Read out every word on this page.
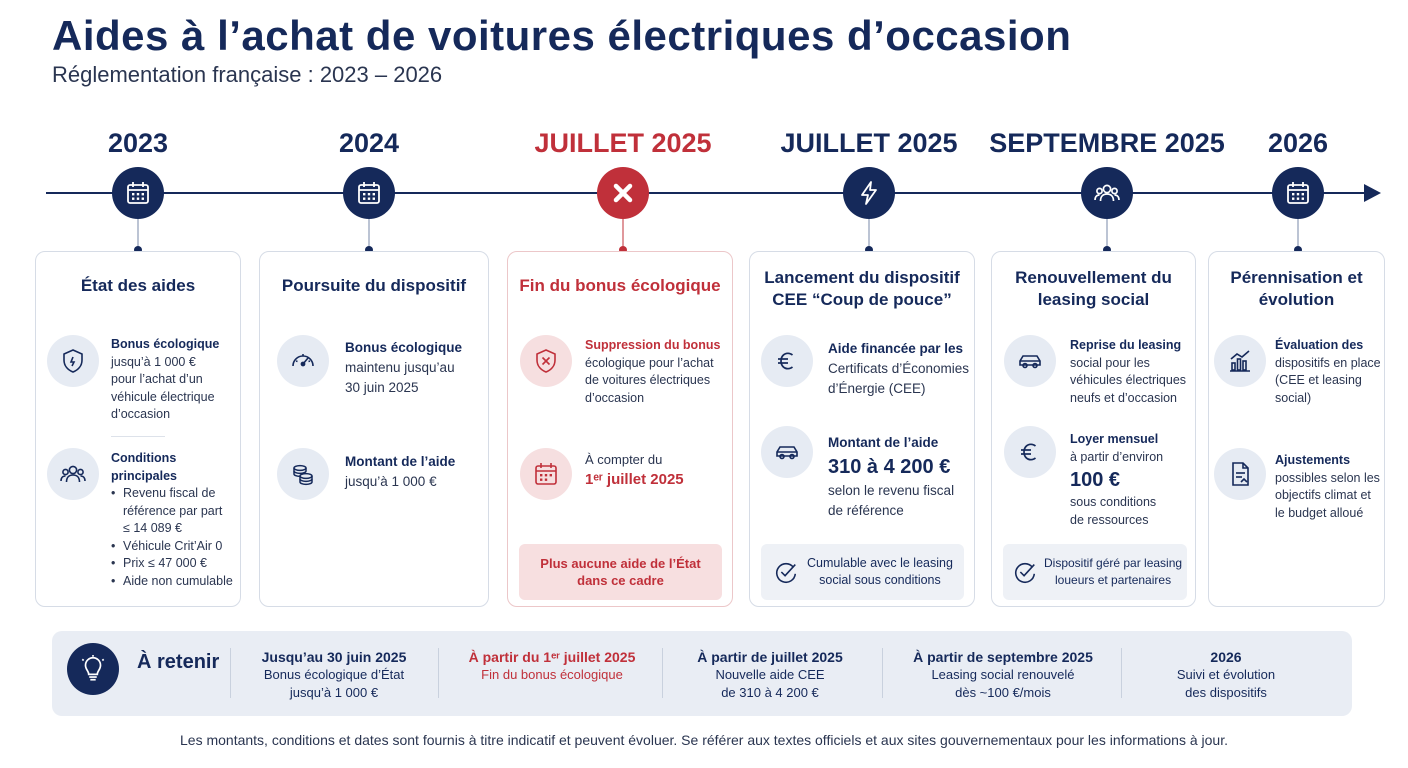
Aides à l’achat de voitures électriques d’occasion
Réglementation française : 2023 – 2026
2023	2024	JUILLET 2025	JUILLET 2025 SEPTEMBRE 2025 2026
État des aides
Bonus écologique
jusqu’à 1 000 €
pour l’achat d’un
véhicule électrique
d’occasion
Conditions principales
• Revenu fiscal de
référence par part
≤ 14 089 €
• Véhicule Crit’Air 0
• Prix ≤ 47 000 €
• Aide non cumulable
Poursuite du dispositif
Bonus écologique
maintenu jusqu’au
30 juin 2025
Montant de l’aide
jusqu’à 1 000 €
Fin du bonus écologique
Suppression du bonus
écologique pour l’achat
de voitures électriques
d’occasion
À compter du
1ᵉʳ juillet 2025
Plus aucune aide de l’État
dans ce cadre
Lancement du dispositif
CEE “Coup de pouce”
Aide financée par les
Certificats d’Économies
d’Énergie (CEE)
Montant de l’aide
310 à 4 200 €
selon le revenu fiscal
de référence
Cumulable avec le leasing
social sous conditions
Renouvellement du
leasing social
Reprise du leasing
social pour les
véhicules électriques
neufs et d’occasion
Loyer mensuel
à partir d’environ
100 €
sous conditions
de ressources
Dispositif géré par leasing
loueurs et partenaires
Pérennisation et
évolution
Évaluation des
dispositifs en place
(CEE et leasing
social)
Ajustements
possibles selon les
objectifs climat et
le budget alloué
À retenir	Jusqu’au 30 juin 2025
Bonus écologique d’État
jusqu’à 1 000 €
À partir du 1ᵉʳ juillet 2025
Fin du bonus écologique
À partir de juillet 2025
Nouvelle aide CEE
de 310 à 4 200 €
À partir de septembre 2025
Leasing social renouvelé
dès ~100 €/mois
2026
Suivi et évolution
des dispositifs
Les montants, conditions et dates sont fournis à titre indicatif et peuvent évoluer. Se référer aux textes officiels et aux sites gouvernementaux pour les informations à jour.
